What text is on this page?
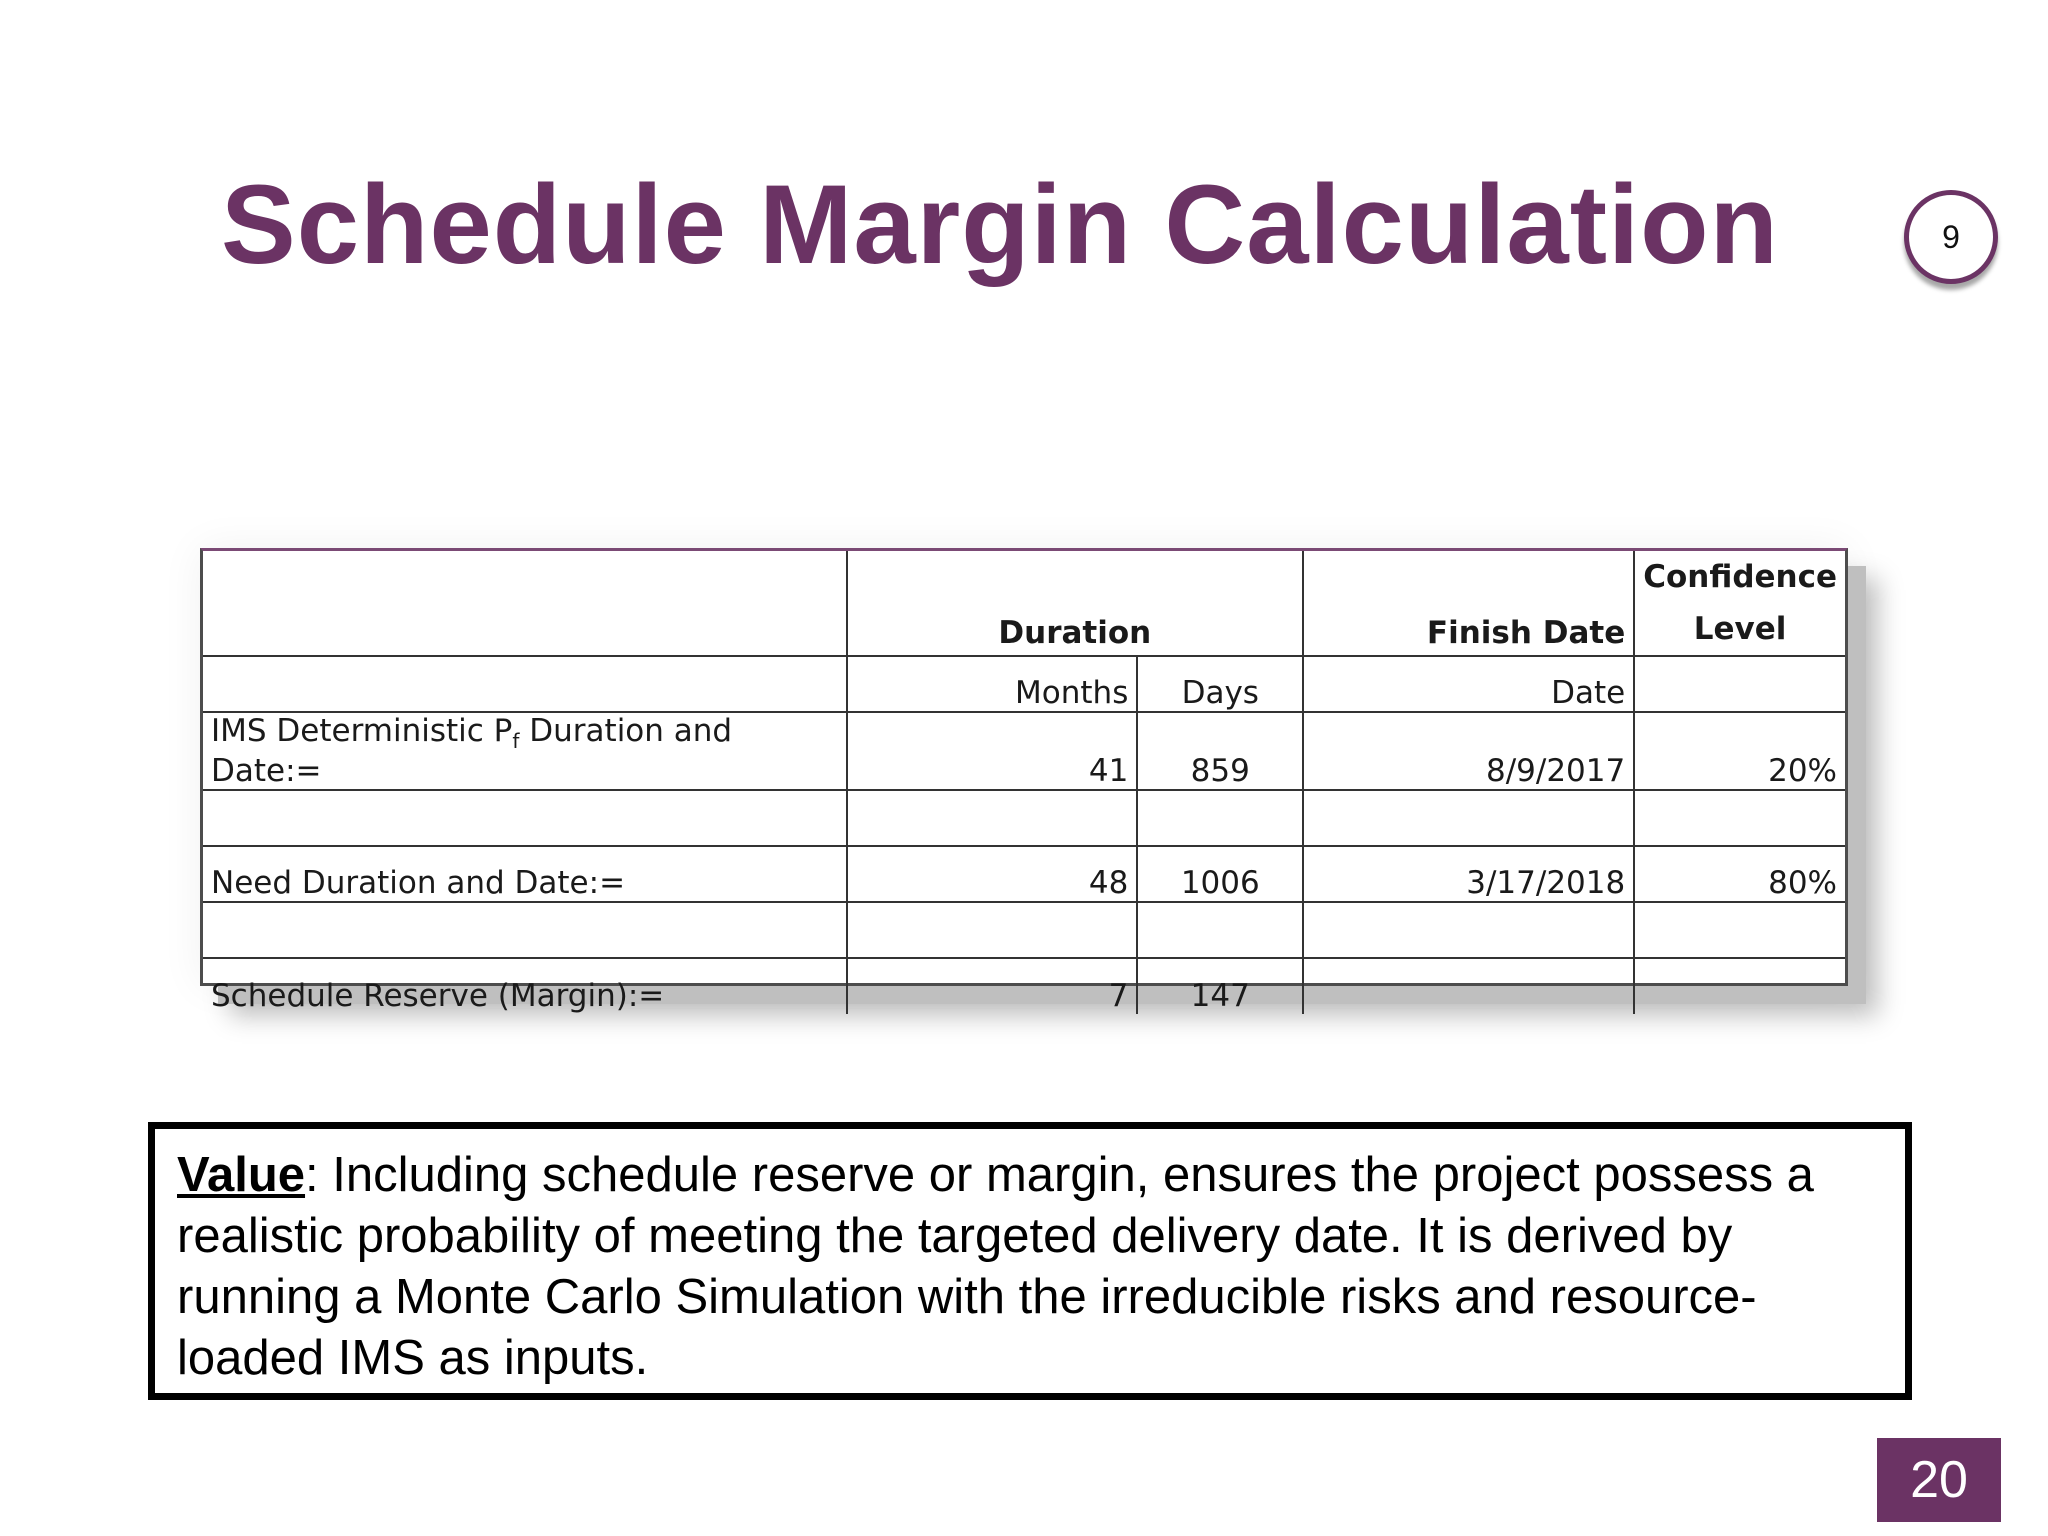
Schedule Margin Calculation	9
	Duration		Finish Date	Confidence
Level
	Months	Days	Date	
IMS Deterministic $P_f$ Duration and Date:=	41	859	8/9/2017	20%

Need Duration and Date:=	48	1006	3/17/2018	80%

Schedule Reserve (Margin):=	7	147		
Value: Including schedule reserve or margin, ensures the project possess a realistic probability of meeting the targeted delivery date. It is derived by running a Monte Carlo Simulation with the irreducible risks and resource-loaded IMS as inputs.
20
